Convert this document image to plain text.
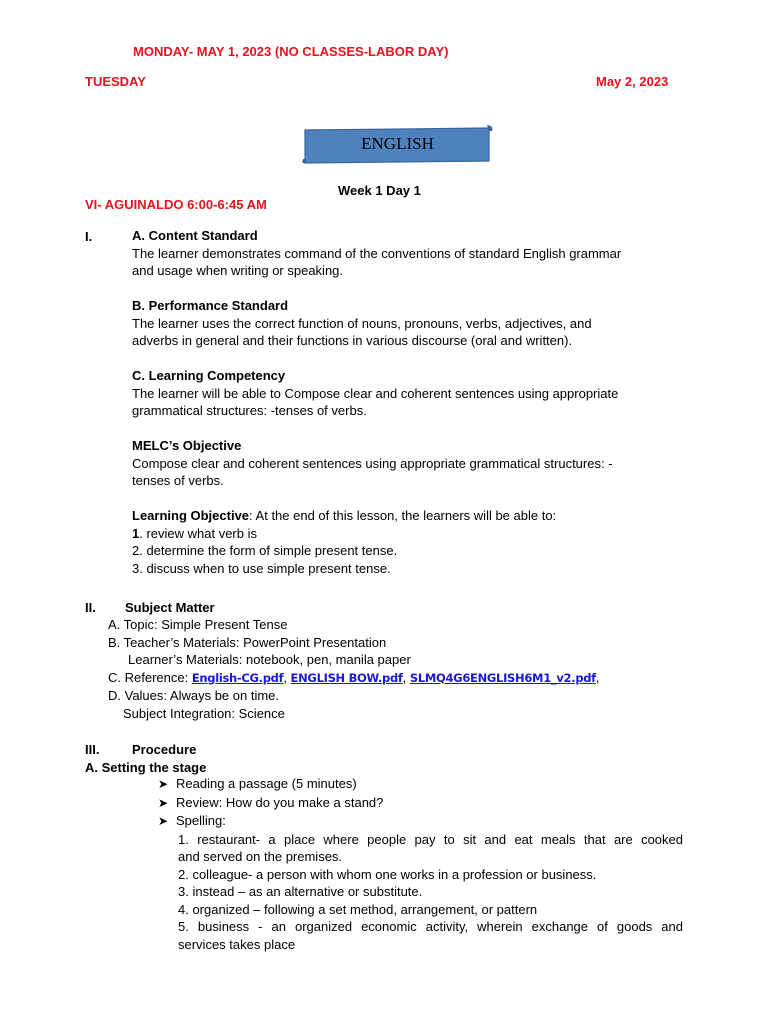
MONDAY- MAY 1, 2023 (NO CLASSES-LABOR DAY)
TUESDAY	May 2, 2023
ENGLISH
Week 1 Day 1
VI- AGUINALDO 6:00-6:45 AM
I.	A. Content Standard
The learner demonstrates command of the conventions of standard English grammar
and usage when writing or speaking.
B. Performance Standard
The learner uses the correct function of nouns, pronouns, verbs, adjectives, and
adverbs in general and their functions in various discourse (oral and written).
C. Learning Competency
The learner will be able to Compose clear and coherent sentences using appropriate
grammatical structures: -tenses of verbs.
MELC’s Objective
Compose clear and coherent sentences using appropriate grammatical structures: -
tenses of verbs.
Learning Objective: At the end of this lesson, the learners will be able to:
1. review what verb is
2. determine the form of simple present tense.
3. discuss when to use simple present tense.
II. Subject Matter
A. Topic: Simple Present Tense
B. Teacher’s Materials: PowerPoint Presentation
Learner’s Materials: notebook, pen, manila paper
C. Reference: English-CG.pdf, ENGLISH BOW.pdf, SLMQ4G6ENGLISH6M1_v2.pdf,
D. Values: Always be on time.
Subject Integration: Science
III.	Procedure
A. Setting the stage
➤ Reading a passage (5 minutes)
➤ Review: How do you make a stand?
➤ Spelling:
1. restaurant- a place where people pay to sit and eat meals that are cooked
and served on the premises.
2. colleague- a person with whom one works in a profession or business.
3. instead – as an alternative or substitute.
4. organized – following a set method, arrangement, or pattern
5. business - an organized economic activity, wherein exchange of goods and
services takes place
